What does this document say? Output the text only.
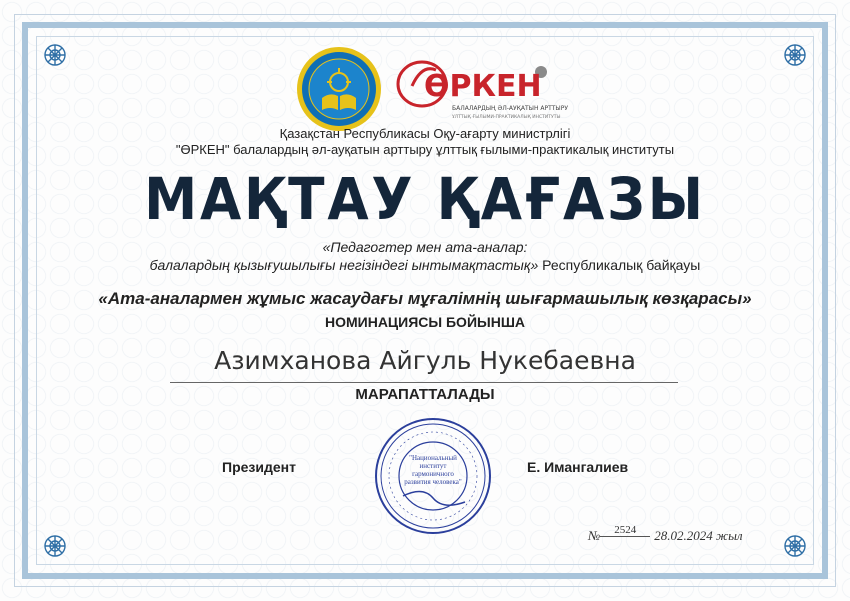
ӨРКЕН
БАЛАЛАРДЫҢ ӘЛ-АУҚАТЫН АРТТЫРУ
ҰЛТТЫҚ ҒЫЛЫМИ-ПРАКТИКАЛЫҚ ИНСТИТУТЫ
Қазақстан Республикасы Оқу-ағарту министрлігі
"ӨРКЕН" балалардың әл-ауқатын арттыру ұлттық ғылыми-практикалық институты
МАҚТАУ ҚАҒАЗЫ
«Педагогтер мен ата-аналар:
балалардың қызығушылығы негізіндегі ынтымақтастық» Республикалық байқауы
«Ата-аналармен жұмыс жасаудағы мұғалімнің шығармашылық көзқарасы»
НОМИНАЦИЯСЫ БОЙЫНША
Азимханова Айгуль Нукебаевна
МАРАПАТТАЛАДЫ
Президент	Е. Имангалиев
"Национальный институт гармоничного развития человека"
№ 2524 28.02.2024 жыл
